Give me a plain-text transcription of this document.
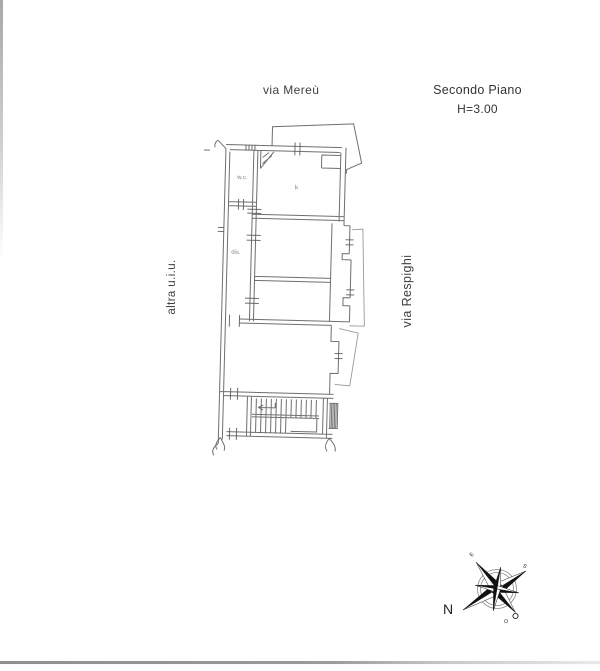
via Mereù	Secondo Piano
H=3.00
altra u.i.u.	via Respighi
w.c.
k
dis.
E
S
O
N
